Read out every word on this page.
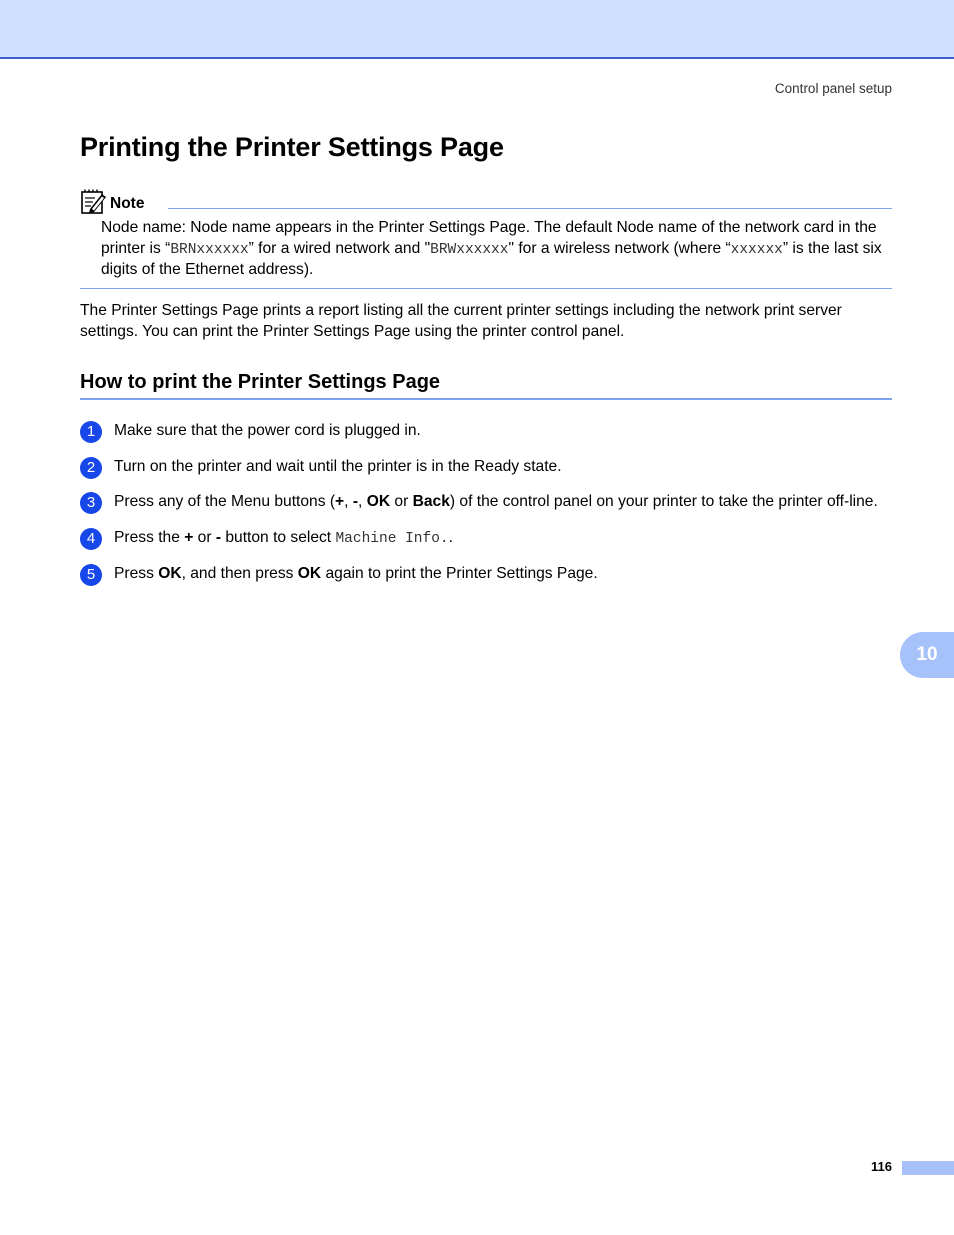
Control panel setup
Printing the Printer Settings Page
Note
Node name: Node name appears in the Printer Settings Page. The default Node name of the network card in the printer is “BRNxxxxxx” for a wired network and "BRWxxxxxx" for a wireless network (where “xxxxxx” is the last six digits of the Ethernet address).

The Printer Settings Page prints a report listing all the current printer settings including the network print server settings. You can print the Printer Settings Page using the printer control panel.

How to print the Printer Settings Page
1	Make sure that the power cord is plugged in.
2	Turn on the printer and wait until the printer is in the Ready state.
3	Press any of the Menu buttons (+, -, OK or Back) of the control panel on your printer to take the printer off-line.
4	Press the + or - button to select Machine Info..
5	Press OK, and then press OK again to print the Printer Settings Page.
10
116
